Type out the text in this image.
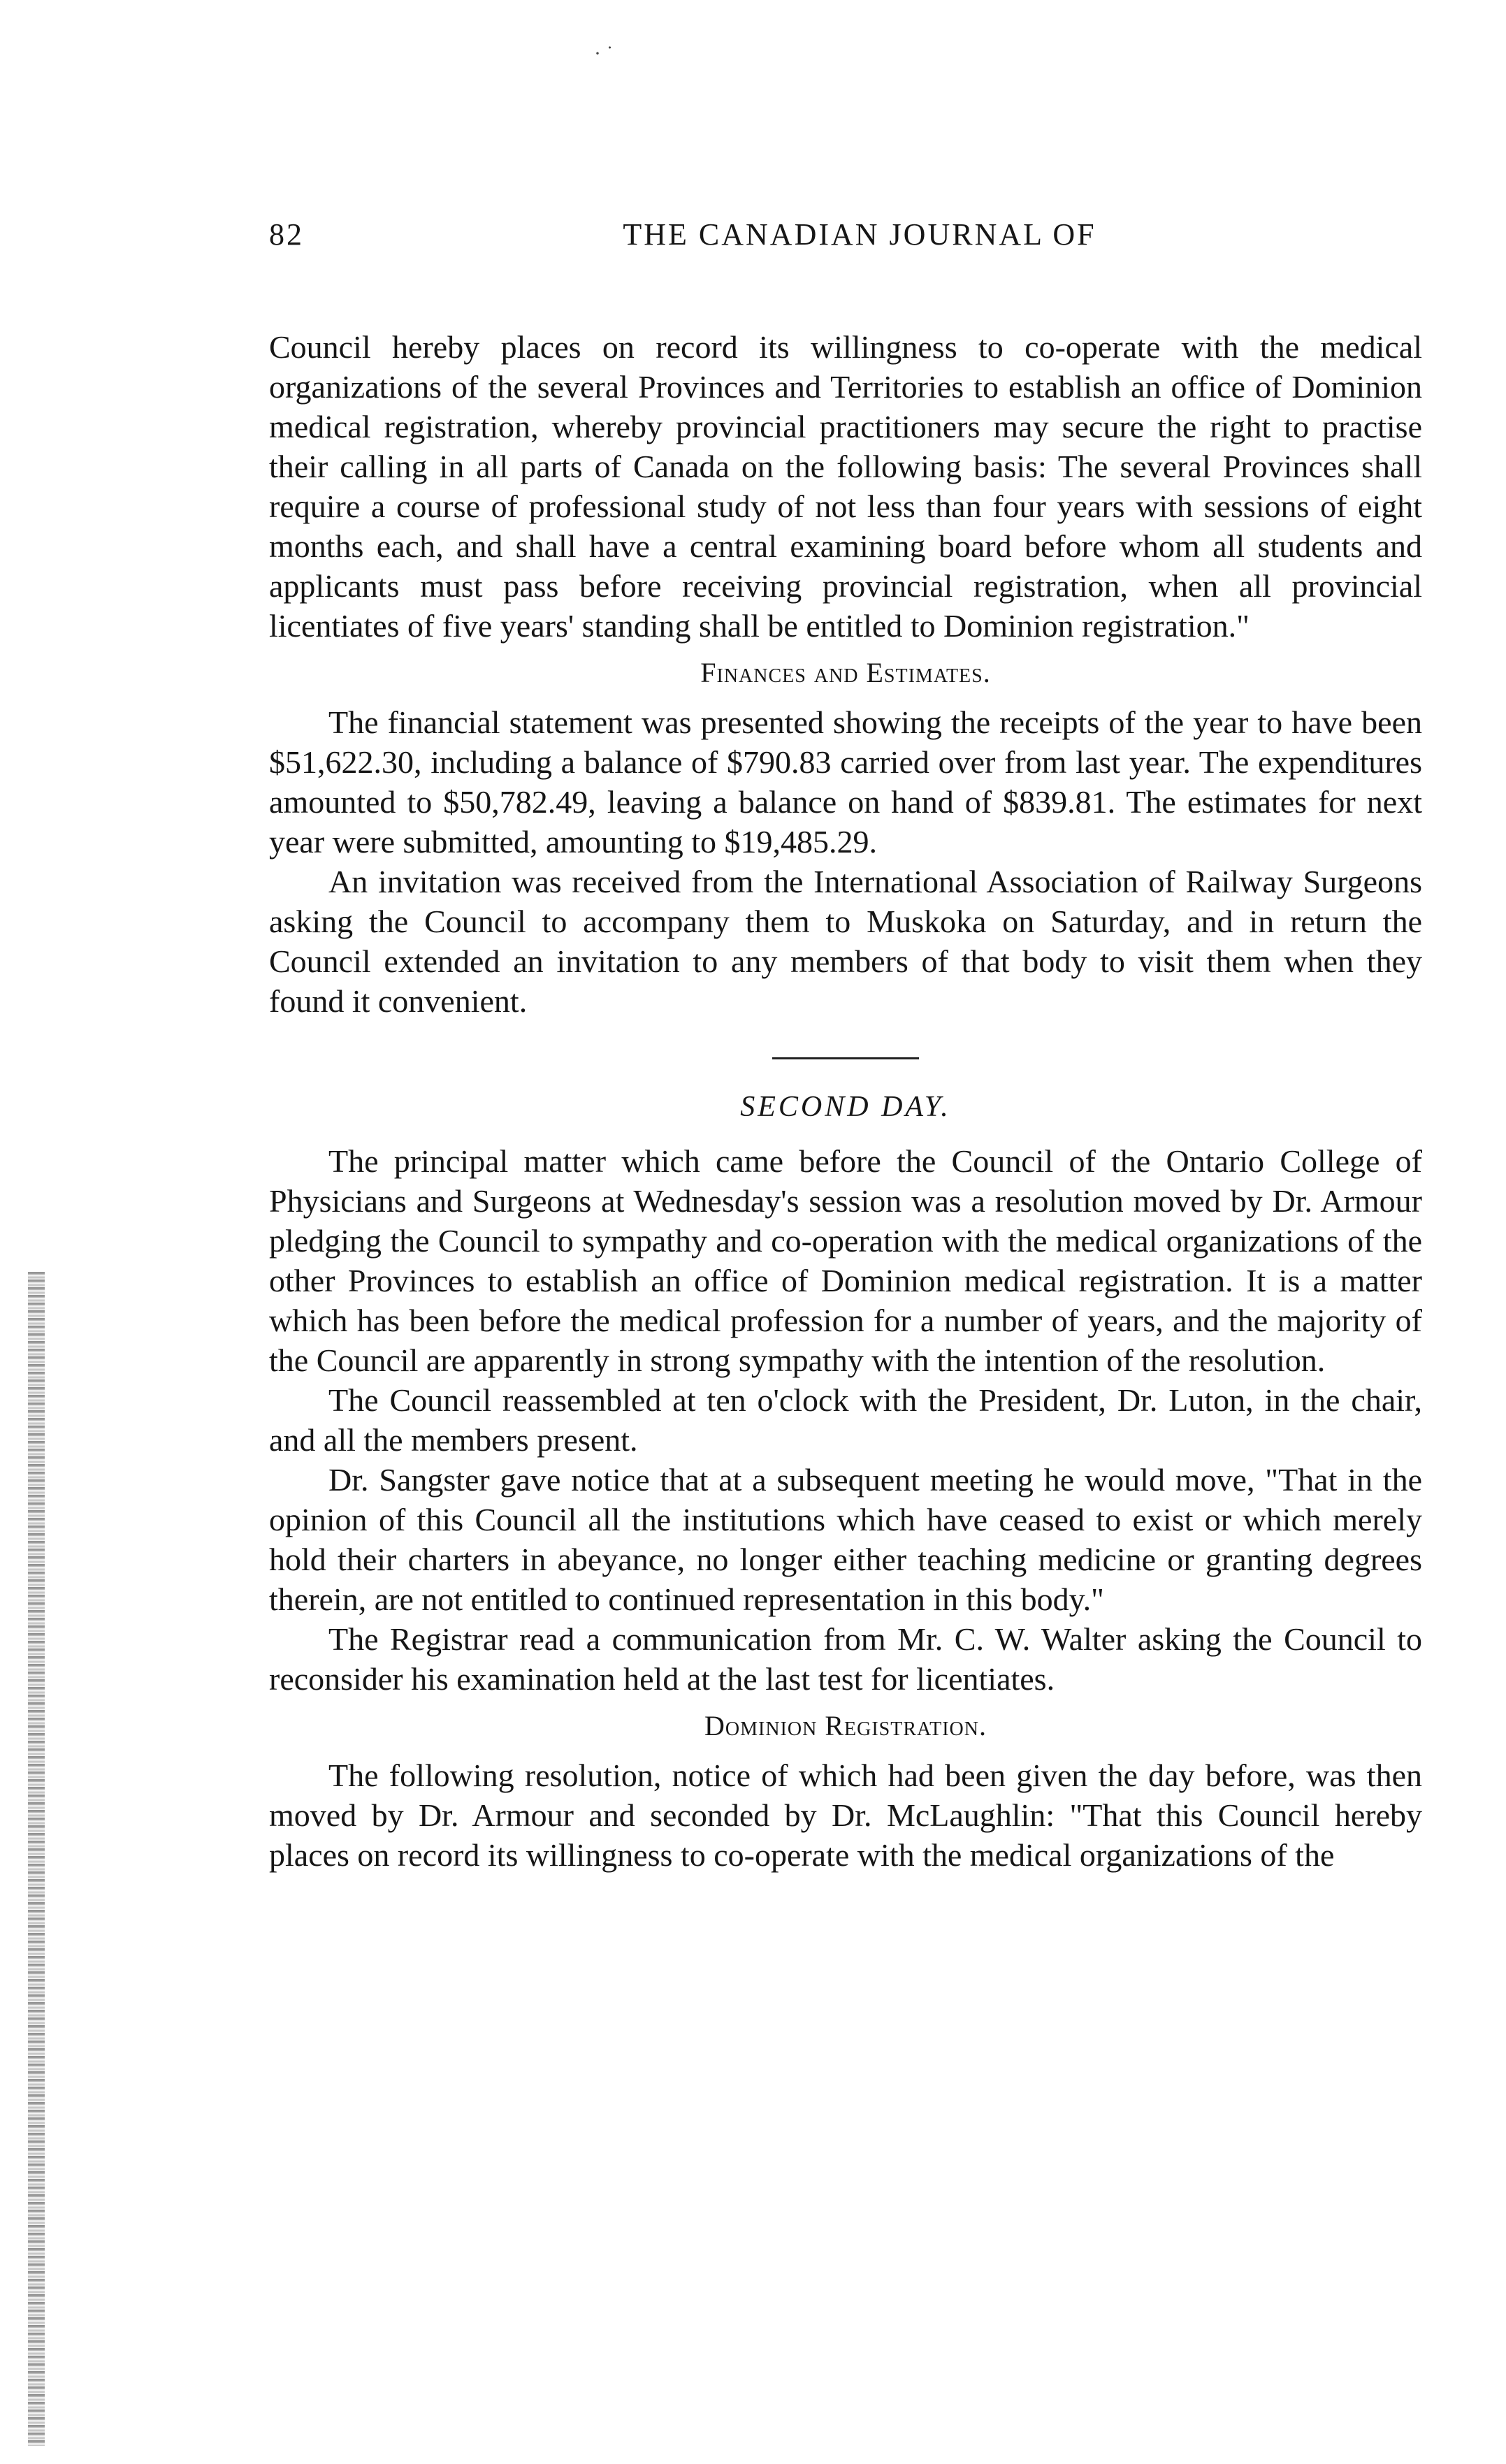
· ˙
82	THE CANADIAN JOURNAL OF

Council hereby places on record its willingness to co-operate with the medical organizations of the several Provinces and Territories to establish an office of Dominion medical registration, whereby provincial practitioners may secure the right to practise their calling in all parts of Canada on the following basis: The several Provinces shall require a course of professional study of not less than four years with sessions of eight months each, and shall have a central examining board before whom all students and applicants must pass before receiving provincial registration, when all provincial licentiates of five years' standing shall be entitled to Dominion registration."

Finances and Estimates.

The financial statement was presented showing the receipts of the year to have been $51,622.30, including a balance of $790.83 carried over from last year. The expenditures amounted to $50,782.49, leaving a balance on hand of $839.81. The estimates for next year were submitted, amounting to $19,485.29.

An invitation was received from the International Association of Railway Surgeons asking the Council to accompany them to Muskoka on Saturday, and in return the Council extended an invitation to any members of that body to visit them when they found it convenient.

SECOND DAY.

The principal matter which came before the Council of the Ontario College of Physicians and Surgeons at Wednesday's session was a resolution moved by Dr. Armour pledging the Council to sympathy and co-operation with the medical organizations of the other Provinces to establish an office of Dominion medical registration. It is a matter which has been before the medical profession for a number of years, and the majority of the Council are apparently in strong sympathy with the intention of the resolution.

The Council reassembled at ten o'clock with the President, Dr. Luton, in the chair, and all the members present.

Dr. Sangster gave notice that at a subsequent meeting he would move, "That in the opinion of this Council all the institutions which have ceased to exist or which merely hold their charters in abeyance, no longer either teaching medicine or granting degrees therein, are not entitled to continued representation in this body."

The Registrar read a communication from Mr. C. W. Walter asking the Council to reconsider his examination held at the last test for licentiates.

Dominion Registration.

The following resolution, notice of which had been given the day before, was then moved by Dr. Armour and seconded by Dr. McLaughlin: "That this Council hereby places on record its willingness to co-operate with the medical organizations of the
